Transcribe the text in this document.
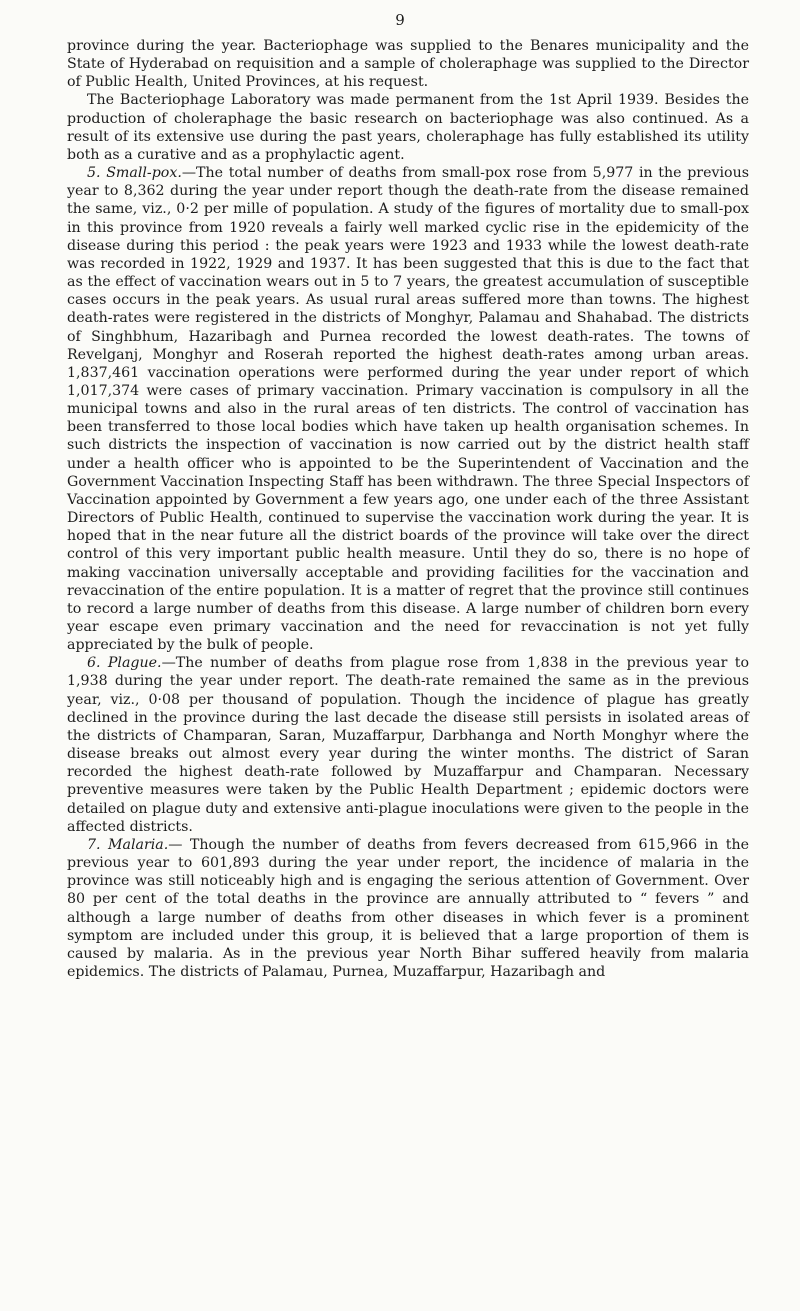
9

province during the year. Bacteriophage was supplied to the Benares municipality and the State of Hyderabad on requisition and a sample of choleraphage was supplied to the Director of Public Health, United Provinces, at his request.

The Bacteriophage Laboratory was made permanent from the 1st April 1939. Besides the production of choleraphage the basic research on bacteriophage was also continued. As a result of its extensive use during the past years, choleraphage has fully established its utility both as a curative and as a prophylactic agent.

5. Small-pox.—The total number of deaths from small-pox rose from 5,977 in the previous year to 8,362 during the year under report though the death-rate from the disease remained the same, viz., 0·2 per mille of population. A study of the figures of mortality due to small-pox in this province from 1920 reveals a fairly well marked cyclic rise in the epidemicity of the disease during this period : the peak years were 1923 and 1933 while the lowest death-rate was recorded in 1922, 1929 and 1937. It has been suggested that this is due to the fact that as the effect of vaccination wears out in 5 to 7 years, the greatest accumulation of susceptible cases occurs in the peak years. As usual rural areas suffered more than towns. The highest death-rates were registered in the districts of Monghyr, Palamau and Shahabad. The districts of Singhbhum, Hazaribagh and Purnea recorded the lowest death-rates. The towns of Revelganj, Monghyr and Roserah reported the highest death-rates among urban areas. 1,837,461 vaccination operations were performed during the year under report of which 1,017,374 were cases of primary vaccination. Primary vaccination is compulsory in all the municipal towns and also in the rural areas of ten districts. The control of vaccination has been transferred to those local bodies which have taken up health organisation schemes. In such districts the inspection of vaccination is now carried out by the district health staff under a health officer who is appointed to be the Superintendent of Vaccination and the Government Vaccination Inspecting Staff has been withdrawn. The three Special Inspectors of Vaccination appointed by Government a few years ago, one under each of the three Assistant Directors of Public Health, continued to supervise the vaccination work during the year. It is hoped that in the near future all the district boards of the province will take over the direct control of this very important public health measure. Until they do so, there is no hope of making vaccination universally acceptable and providing facilities for the vaccination and revaccination of the entire population. It is a matter of regret that the province still continues to record a large number of deaths from this disease. A large number of children born every year escape even primary vaccination and the need for revaccination is not yet fully appreciated by the bulk of people.

6. Plague.—The number of deaths from plague rose from 1,838 in the previous year to 1,938 during the year under report. The death-rate remained the same as in the previous year, viz., 0·08 per thousand of population. Though the incidence of plague has greatly declined in the province during the last decade the disease still persists in isolated areas of the districts of Champaran, Saran, Muzaffarpur, Darbhanga and North Monghyr where the disease breaks out almost every year during the winter months. The district of Saran recorded the highest death-rate followed by Muzaffarpur and Champaran. Necessary preventive measures were taken by the Public Health Department ; epidemic doctors were detailed on plague duty and extensive anti-plague inoculations were given to the people in the affected districts.

7. Malaria.— Though the number of deaths from fevers decreased from 615,966 in the previous year to 601,893 during the year under report, the incidence of malaria in the province was still noticeably high and is engaging the serious attention of Government. Over 80 per cent of the total deaths in the province are annually attributed to “ fevers ” and although a large number of deaths from other diseases in which fever is a prominent symptom are included under this group, it is believed that a large proportion of them is caused by malaria. As in the previous year North Bihar suffered heavily from malaria epidemics. The districts of Palamau, Purnea, Muzaffarpur, Hazaribagh and
